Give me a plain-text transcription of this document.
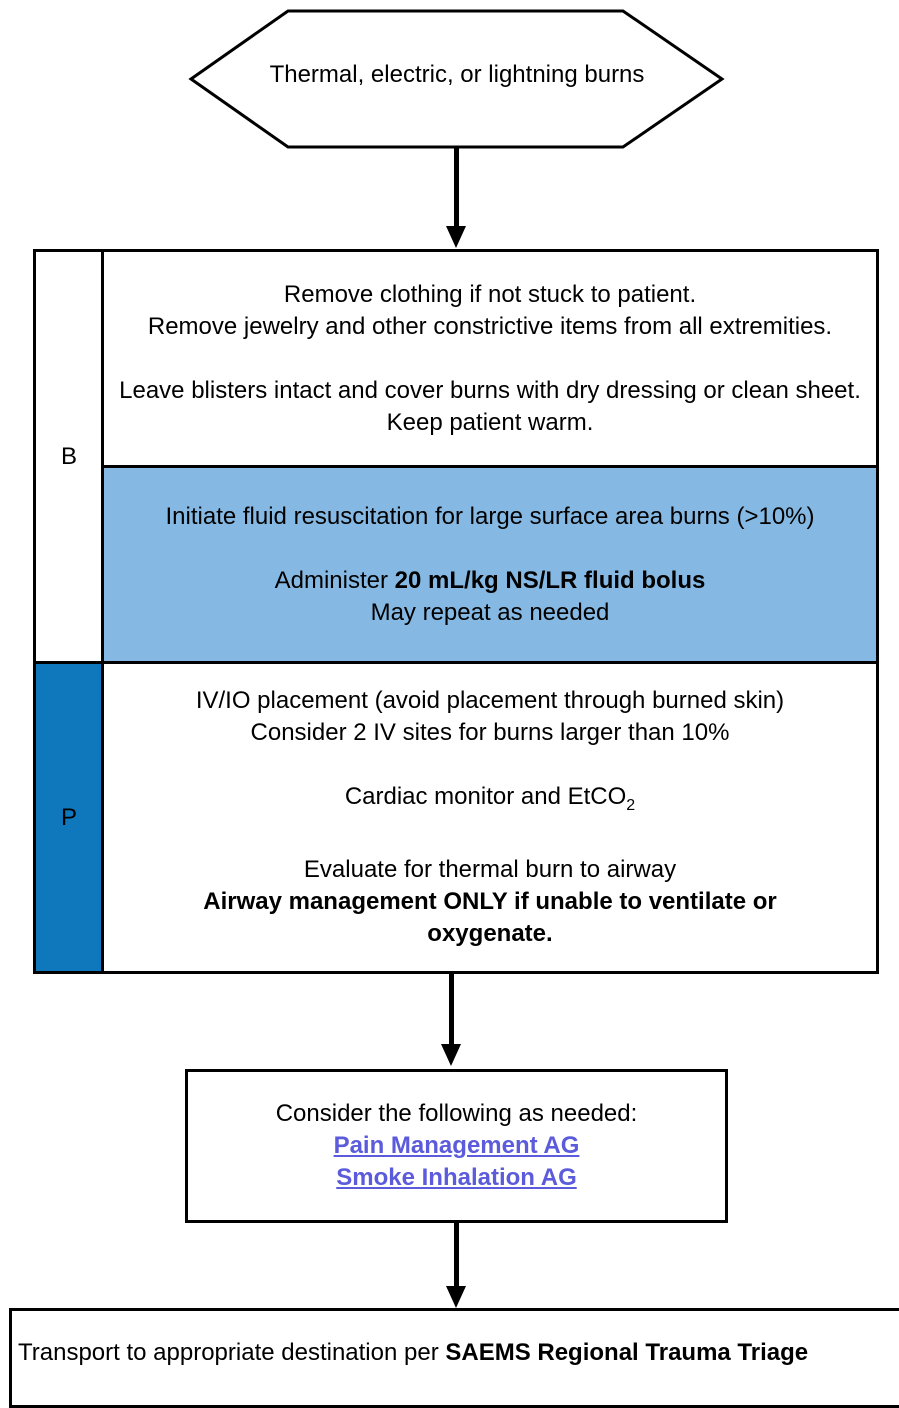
Thermal, electric, or lightning burns
B
P
Remove clothing if not stuck to patient.
Remove jewelry and other constrictive items from all extremities.
Leave blisters intact and cover burns with dry dressing or clean sheet. Keep patient warm.
Initiate fluid resuscitation for large surface area burns (>10%)
Administer 20 mL/kg NS/LR fluid bolus
May repeat as needed
IV/IO placement (avoid placement through burned skin)
Consider 2 IV sites for burns larger than 10%
Cardiac monitor and EtCO$_2$
Evaluate for thermal burn to airway
Airway management ONLY if unable to ventilate or oxygenate.
Consider the following as needed:
Pain Management AG
Smoke Inhalation AG
Transport to appropriate destination per SAEMS Regional Trauma Triage
